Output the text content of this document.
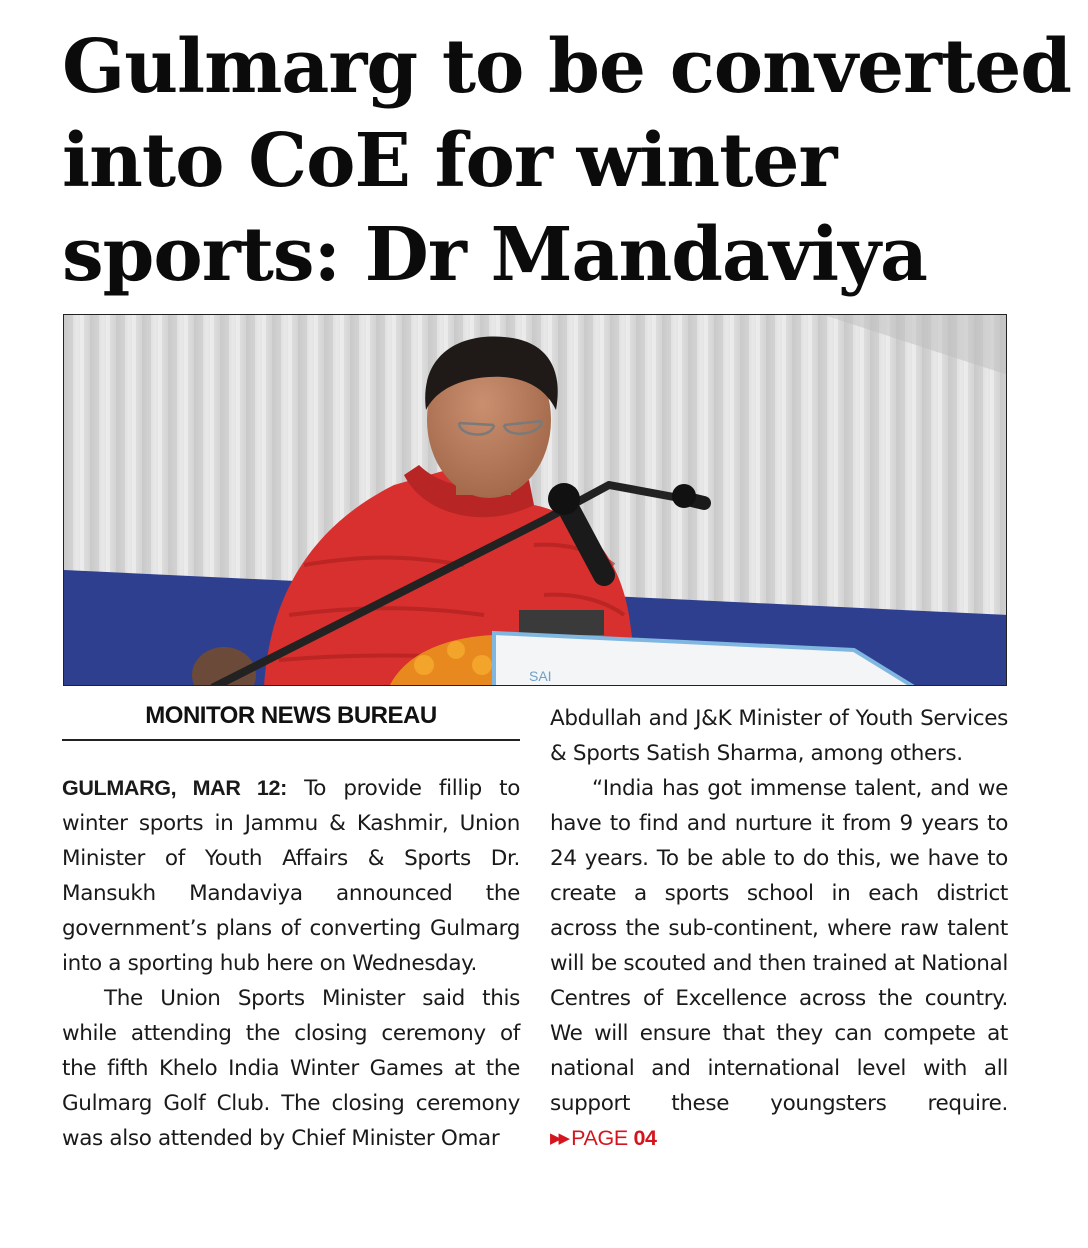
Gulmarg to be converted
into CoE for winter
sports: Dr Mandaviya
SAI
MONITOR NEWS BUREAU

GULMARG, MAR 12: To provide fillip to winter sports in Jammu & Kashmir, Union Minister of Youth Affairs & Sports Dr. Mansukh Mandaviya announced the government’s plans of converting Gulmarg into a sporting hub here on Wednesday.

The Union Sports Minister said this while attending the closing ceremony of the fifth Khelo India Winter Games at the Gulmarg Golf Club. The closing ceremony was also attended by Chief Minister Omar

Abdullah and J&K Minister of Youth Services & Sports Satish Sharma, among others.

“India has got immense talent, and we have to find and nurture it from 9 years to 24 years. To be able to do this, we have to create a sports school in each district across the sub-continent, where raw talent will be scouted and then trained at National Centres of Excellence across the country. We will ensure that they can compete at national and international level with all support these youngsters require. ▶▶ PAGE 04
